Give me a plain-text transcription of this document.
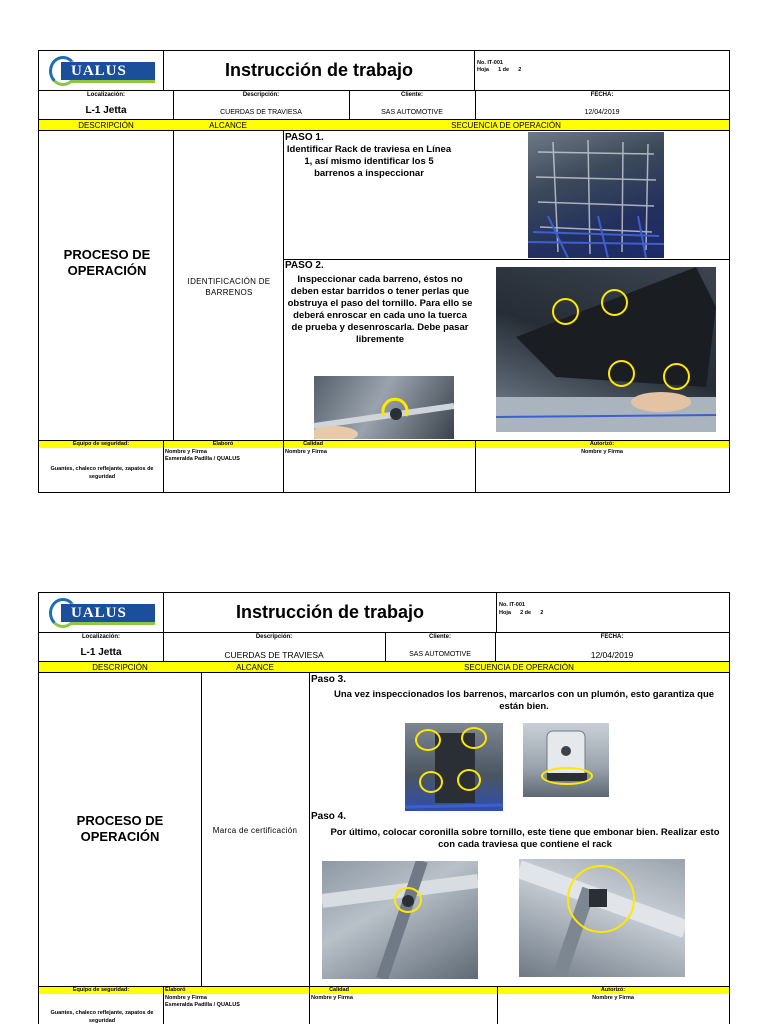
UALUS	Instrucción de trabajo	No. IT-001
Hoja      1 de      2
Localización:	Descripción:	Cliente:	FECHA:
L-1 Jetta	CUERDAS DE TRAVIESA	SAS AUTOMOTIVE	12/04/2019
DESCRIPCIÓN	ALCANCE	SECUENCIA DE OPERACIÓN
PROCESO DE OPERACIÓN
IDENTIFICACIÓN DE BARRENOS
PASO 1.
Identificar Rack de traviesa en Línea 1, así mismo identificar los 5 barrenos a inspeccionar
PASO 2.
Inspeccionar cada barreno, éstos no deben estar barridos o tener perlas que obstruya el paso del tornillo. Para ello se deberá enroscar en cada uno la tuerca de prueba y desenroscarla. Debe pasar libremente
Equipo de seguridad:	Elaboró	Calidad	Autorizó:
Guantes, chaleco reflejante, zapatos de seguridad
Nombre y Firma
Esmeralda Padilla / QUALUS
Nombre y Firma	Nombre y Firma
UALUS	Instrucción de trabajo	No. IT-001
Hoja      2 de      2
Localización:	Descripción:	Cliente:	FECHA:
L-1 Jetta	CUERDAS DE TRAVIESA	SAS AUTOMOTIVE	12/04/2019
DESCRIPCIÓN	ALCANCE	SECUENCIA DE OPERACIÓN
PROCESO DE OPERACIÓN	Marca de certificación
Paso 3.
Una vez inspeccionados los barrenos, marcarlos con un plumón, esto garantiza que están bien.
Paso 4.
Por último, colocar coronilla sobre tornillo, este tiene que embonar bien. Realizar esto con cada traviesa que contiene el rack
Equipo de seguridad:	Elaboró	Calidad	Autorizó:
Guantes, chaleco reflejante, zapatos de seguridad
Nombre y Firma
Esmeralda Padilla / QUALUS
Nombre y Firma	Nombre y Firma
